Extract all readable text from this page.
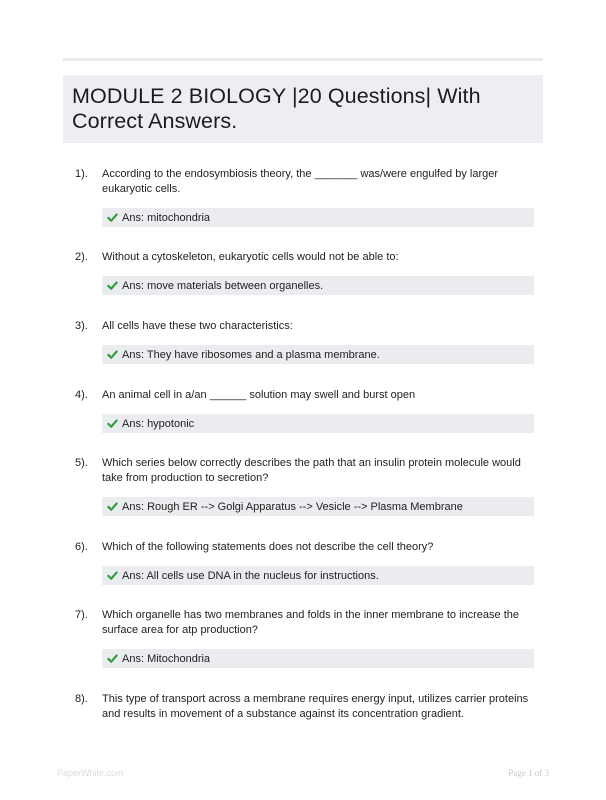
MODULE 2 BIOLOGY |20 Questions| With Correct Answers.
1). According to the endosymbiosis theory, the _______ was/were engulfed by larger eukaryotic cells.
Ans: mitochondria
2). Without a cytoskeleton, eukaryotic cells would not be able to:
Ans: move materials between organelles.
3). All cells have these two characteristics:
Ans: They have ribosomes and a plasma membrane.
4). An animal cell in a/an ______ solution may swell and burst open
Ans: hypotonic
5). Which series below correctly describes the path that an insulin protein molecule would take from production to secretion?
Ans: Rough ER --> Golgi Apparatus --> Vesicle --> Plasma Membrane
6). Which of the following statements does not describe the cell theory?
Ans: All cells use DNA in the nucleus for instructions.
7). Which organelle has two membranes and folds in the inner membrane to increase the surface area for atp production?
Ans: Mitochondria
8). This type of transport across a membrane requires energy input, utilizes carrier proteins and results in movement of a substance against its concentration gradient.
PaperWhite.com	Page 1 of 3
